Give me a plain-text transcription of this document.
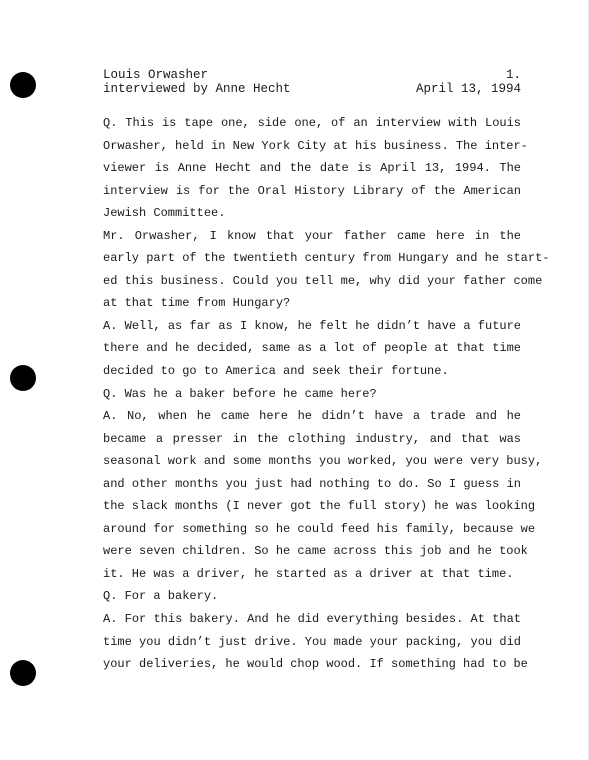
Louis Orwasher	1.
interviewed by Anne Hecht	April 13, 1994
Q. This is tape one, side one, of an interview with Louis
Orwasher, held in New York City at his business. The inter-
viewer is Anne Hecht and the date is April 13, 1994. The
interview is for the Oral History Library of the American
Jewish Committee.
Mr. Orwasher, I know that your father came here in the
early part of the twentieth century from Hungary and he start-
ed this business. Could you tell me, why did your father come
at that time from Hungary?
A. Well, as far as I know, he felt he didn’t have a future
there and he decided, same as a lot of people at that time
decided to go to America and seek their fortune.
Q. Was he a baker before he came here?
A. No, when he came here he didn’t have a trade and he
became a presser in the clothing industry, and that was
seasonal work and some months you worked, you were very busy,
and other months you just had nothing to do. So I guess in
the slack months (I never got the full story) he was looking
around for something so he could feed his family, because we
were seven children. So he came across this job and he took
it. He was a driver, he started as a driver at that time.
Q. For a bakery.
A. For this bakery. And he did everything besides. At that
time you didn’t just drive. You made your packing, you did
your deliveries, he would chop wood. If something had to be
